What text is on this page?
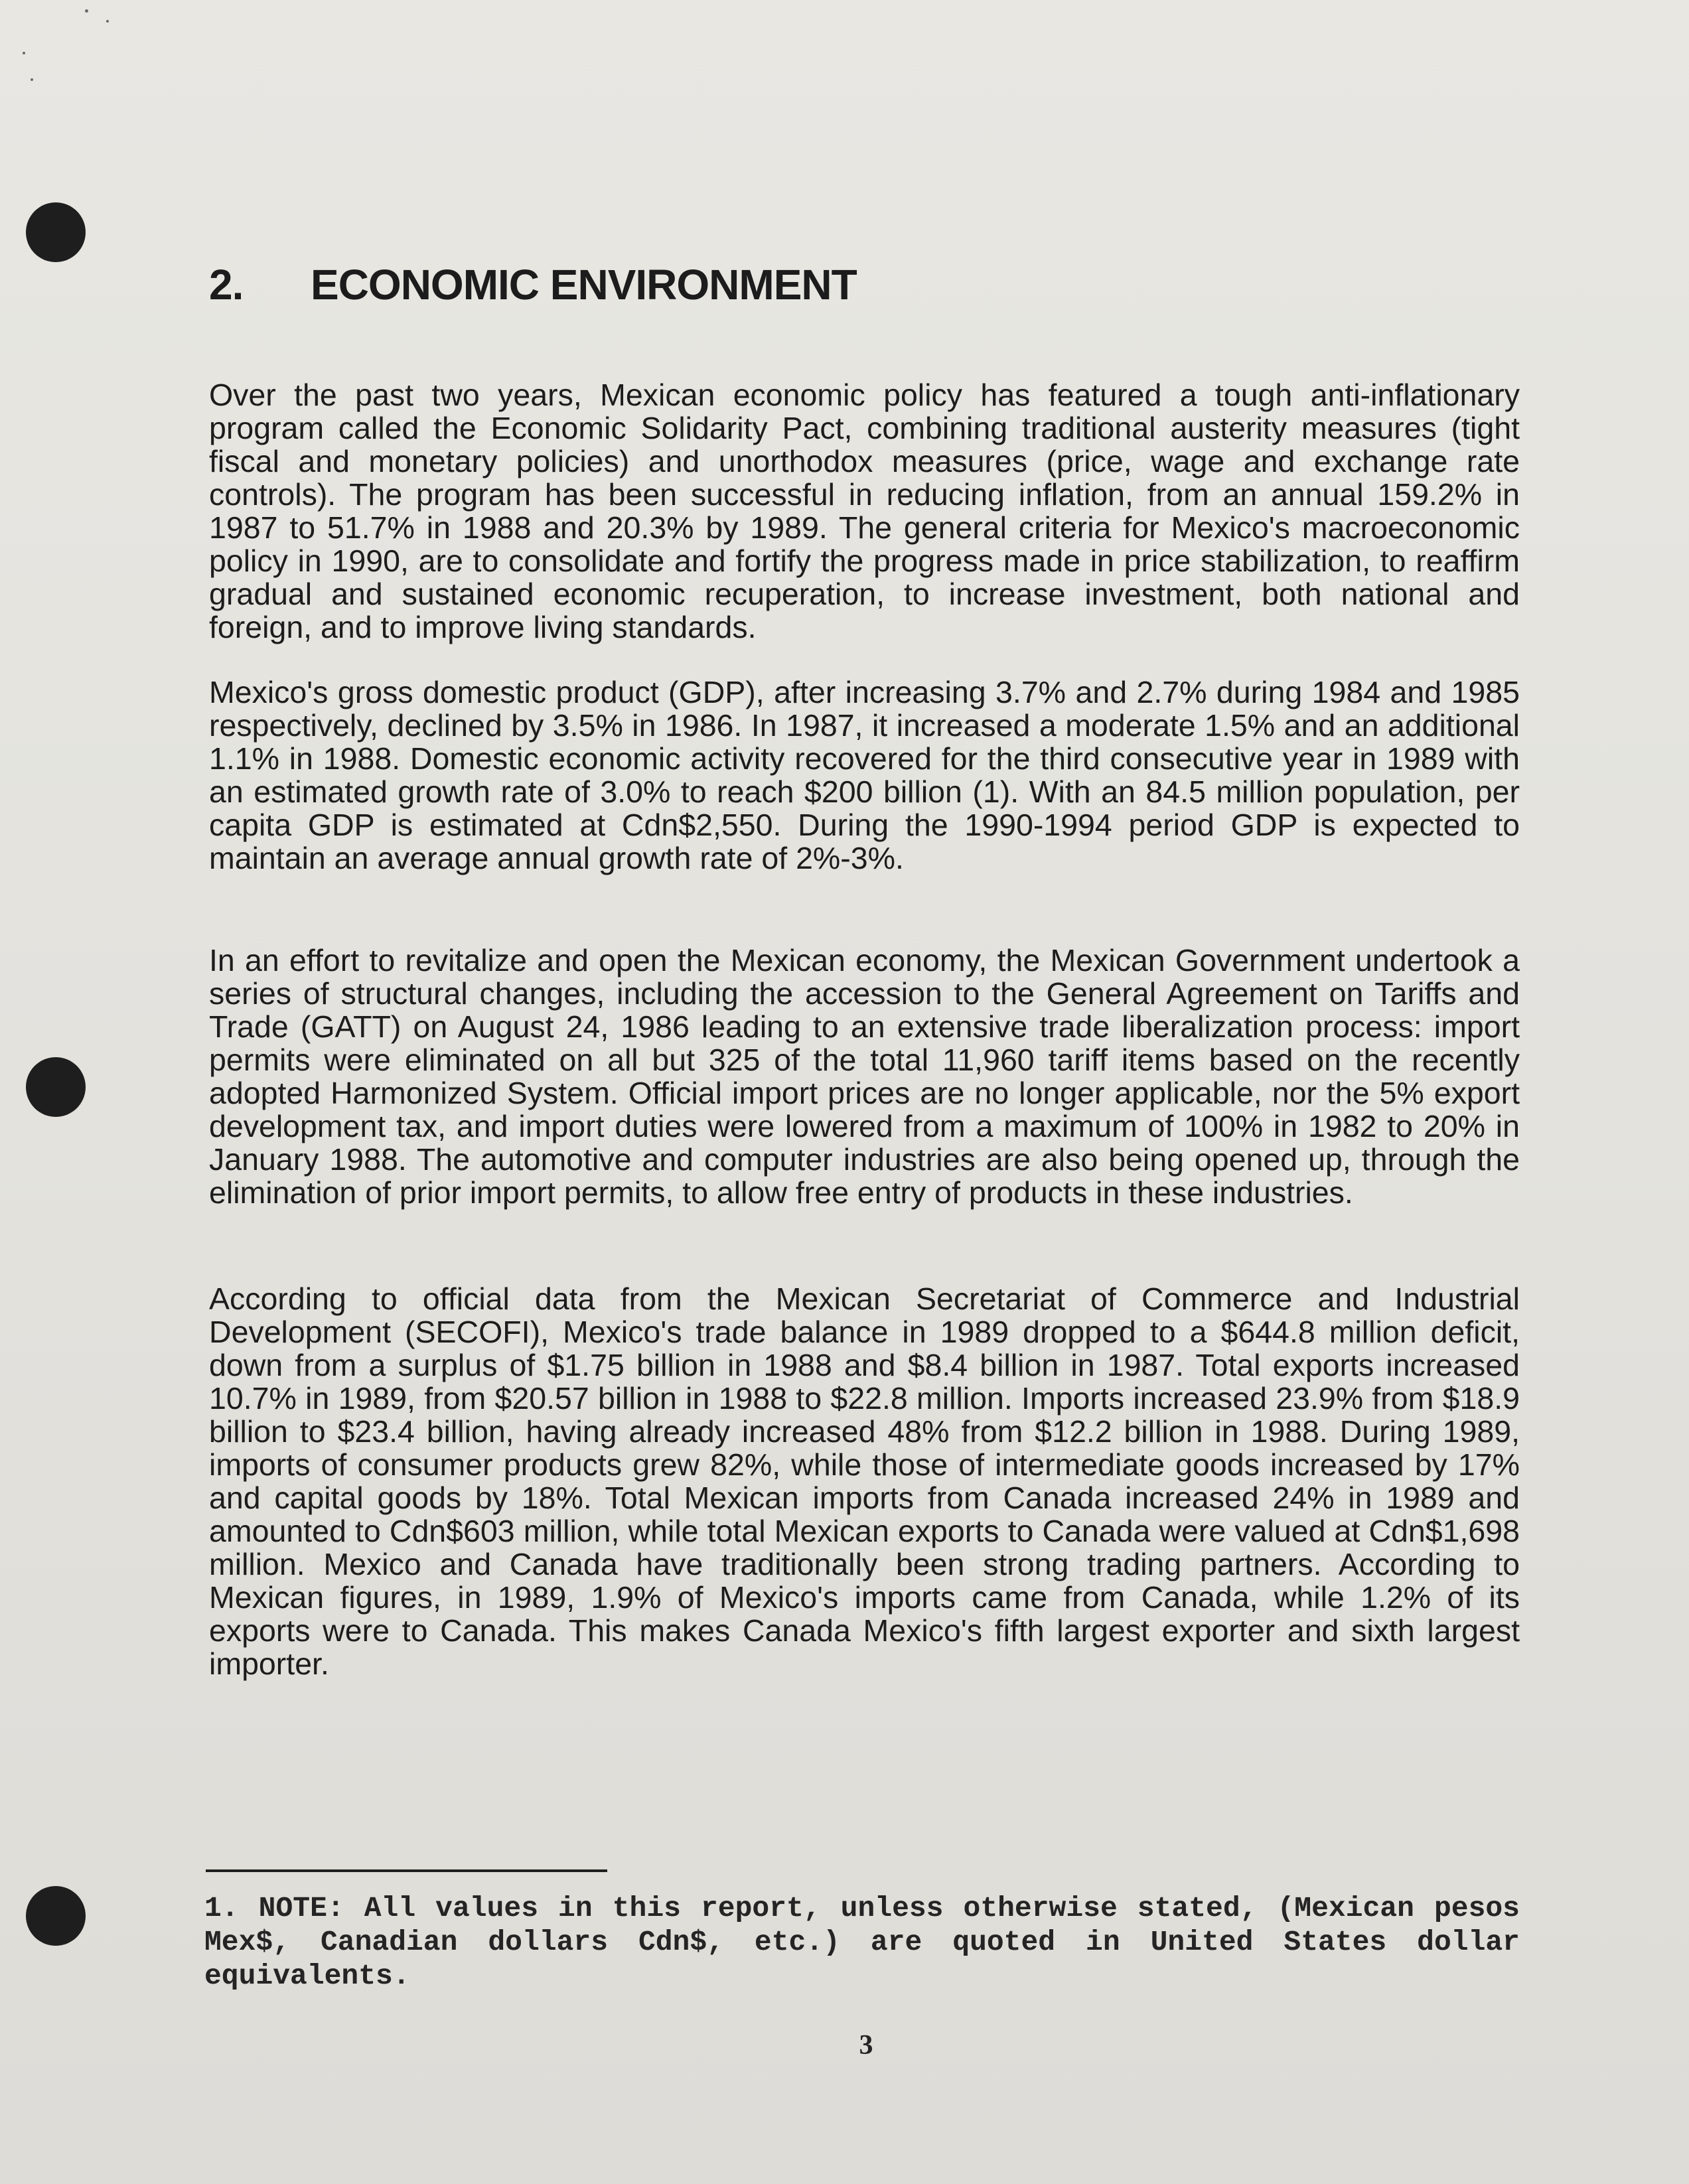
2. ECONOMIC ENVIRONMENT

Over the past two years, Mexican economic policy has featured a tough anti-inflationary program called the Economic Solidarity Pact, combining traditional austerity measures (tight fiscal and monetary policies) and unorthodox measures (price, wage and exchange rate controls). The program has been successful in reducing inflation, from an annual 159.2% in 1987 to 51.7% in 1988 and 20.3% by 1989. The general criteria for Mexico's macroeconomic policy in 1990, are to consolidate and fortify the progress made in price stabilization, to reaffirm gradual and sustained economic recuperation, to increase investment, both national and foreign, and to improve living standards.

Mexico's gross domestic product (GDP), after increasing 3.7% and 2.7% during 1984 and 1985 respectively, declined by 3.5% in 1986. In 1987, it increased a moderate 1.5% and an additional 1.1% in 1988. Domestic economic activity recovered for the third consecutive year in 1989 with an estimated growth rate of 3.0% to reach $200 billion (1). With an 84.5 million population, per capita GDP is estimated at Cdn$2,550. During the 1990-1994 period GDP is expected to maintain an average annual growth rate of 2%-3%.

In an effort to revitalize and open the Mexican economy, the Mexican Government undertook a series of structural changes, including the accession to the General Agreement on Tariffs and Trade (GATT) on August 24, 1986 leading to an extensive trade liberalization process: import permits were eliminated on all but 325 of the total 11,960 tariff items based on the recently adopted Harmonized System. Official import prices are no longer applicable, nor the 5% export development tax, and import duties were lowered from a maximum of 100% in 1982 to 20% in January 1988. The automotive and computer industries are also being opened up, through the elimination of prior import permits, to allow free entry of products in these industries.

According to official data from the Mexican Secretariat of Commerce and Industrial Development (SECOFI), Mexico's trade balance in 1989 dropped to a $644.8 million deficit, down from a surplus of $1.75 billion in 1988 and $8.4 billion in 1987. Total exports increased 10.7% in 1989, from $20.57 billion in 1988 to $22.8 million. Imports increased 23.9% from $18.9 billion to $23.4 billion, having already increased 48% from $12.2 billion in 1988. During 1989, imports of consumer products grew 82%, while those of intermediate goods increased by 17% and capital goods by 18%. Total Mexican imports from Canada increased 24% in 1989 and amounted to Cdn$603 million, while total Mexican exports to Canada were valued at Cdn$1,698 million. Mexico and Canada have traditionally been strong trading partners. According to Mexican figures, in 1989, 1.9% of Mexico's imports came from Canada, while 1.2% of its exports were to Canada. This makes Canada Mexico's fifth largest exporter and sixth largest importer.

1. NOTE: All values in this report, unless otherwise stated, (Mexican pesos Mex$, Canadian dollars Cdn$, etc.) are quoted in United States dollar equivalents.

3
